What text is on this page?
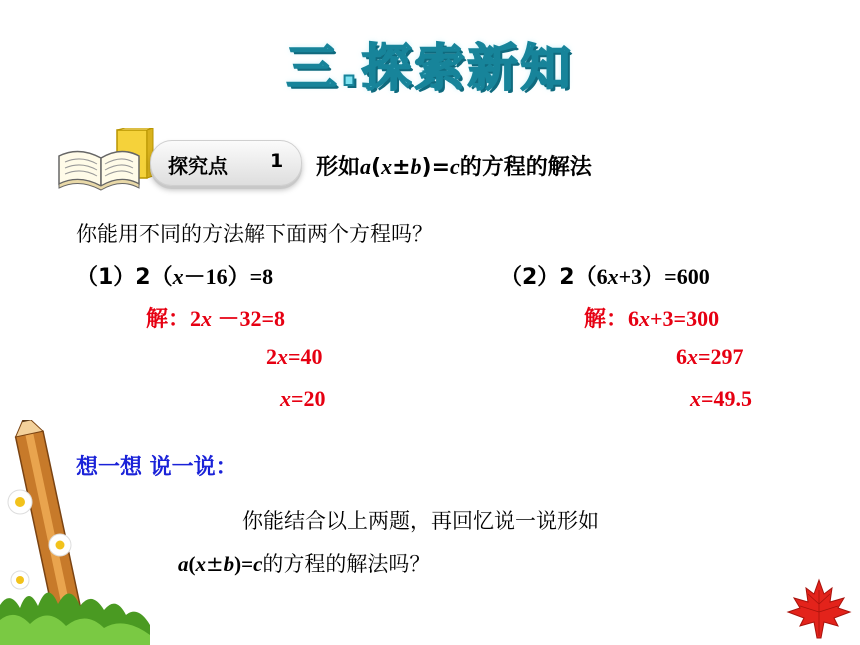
三.探索新知
探究点 1 形如a(x±b)=c的方程的解法
你能用不同的方法解下面两个方程吗？
（1）2（x－16）=8
解：2x －32=8
2x=40
x=20
（2）2（6x+3）=600
解：6x+3=300
6x=297
x=49.5
想一想 说一说：
你能结合以上两题，再回忆说一说形如
a(x±b)=c的方程的解法吗？
